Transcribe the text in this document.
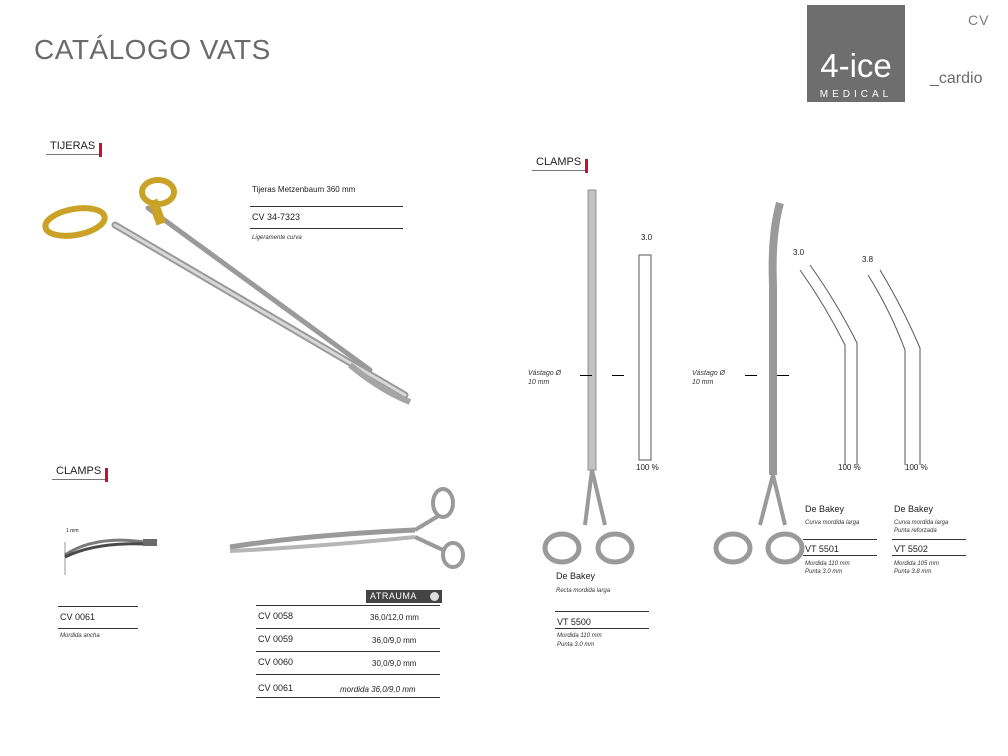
CATÁLOGO VATS	4-ice
MEDICAL
CV
_cardio
TIJERAS
Tijeras Metzenbaum 360 mm
CV 34-7323
Ligeramente curva
CLAMPS
1 mm
CV 0061
Mordida ancha
ATRAUMA
CV 0058	36,0/12,0 mm
CV 0059	36,0/9,0 mm
CV 0060	30,0/9,0 mm
CV 0061	mordida 36,0/9,0 mm
CLAMPS
Vástago Ø
10 mm
Vástago Ø
10 mm
3.0
100 %
3.0
100 %
3.8
100 %
De Bakey
Recta mordida larga
VT 5500
Mordida 110 mm
Punta 3.0 mm
De Bakey
Curva mordida larga
VT 5501
Mordida 110 mm
Punta 3.0 mm
De Bakey
Curva mordida larga
Punta reforzada
VT 5502
Mordida 105 mm
Punta 3.8 mm
